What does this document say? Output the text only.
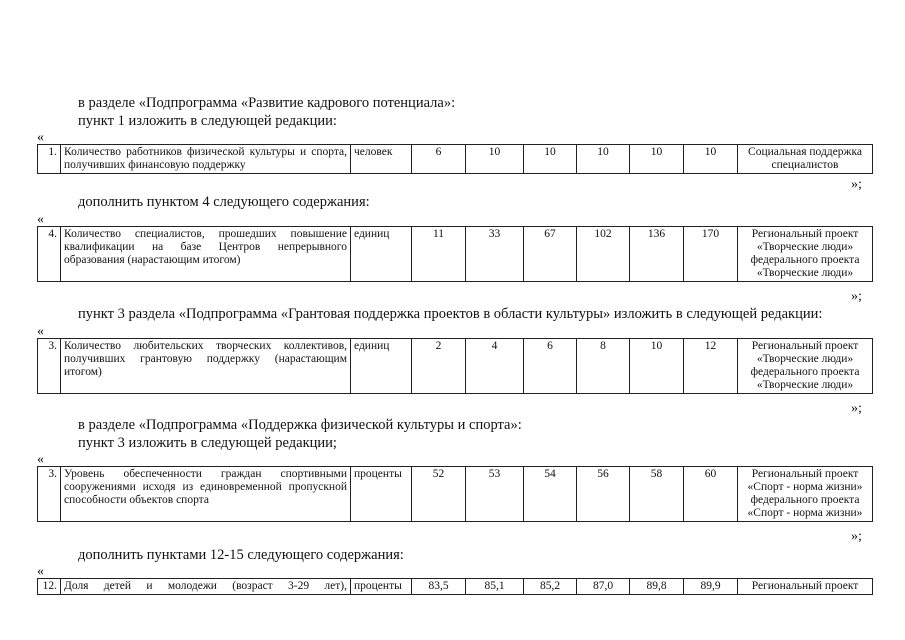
в разделе «Подпрограмма «Развитие кадрового потенциала»:
пункт 1 изложить в следующей редакции:
«
1.	Количество работников физической культуры и спорта, получивших финансовую поддержку	человек	6	10	10	10	10	10	Социальная поддержка специалистов
»;
дополнить пунктом 4 следующего содержания:
«
4.	Количество специалистов, прошедших повышение квалификации на базе Центров непрерывного образования (нарастающим итогом)	единиц	11	33	67	102	136	170	Региональный проект «Творческие люди» федерального проекта «Творческие люди»
»;
пункт 3 раздела «Подпрограмма «Грантовая поддержка проектов в области культуры» изложить в следующей редакции:
«
3.	Количество любительских творческих коллективов, получивших грантовую поддержку (нарастающим итогом)	единиц	2	4	6	8	10	12	Региональный проект «Творческие люди» федерального проекта «Творческие люди»
»;
в разделе «Подпрограмма «Поддержка физической культуры и спорта»:
пункт 3 изложить в следующей редакции;
«
3.	Уровень обеспеченности граждан спортивными сооружениями исходя из единовременной пропускной способности объектов спорта	проценты	52	53	54	56	58	60	Региональный проект «Спорт - норма жизни» федерального проекта «Спорт - норма жизни»
»;
дополнить пунктами 12-15 следующего содержания:
«
12.	Доля детей и молодежи (возраст 3-29 лет),	проценты	83,5	85,1	85,2	87,0	89,8	89,9	Региональный проект
